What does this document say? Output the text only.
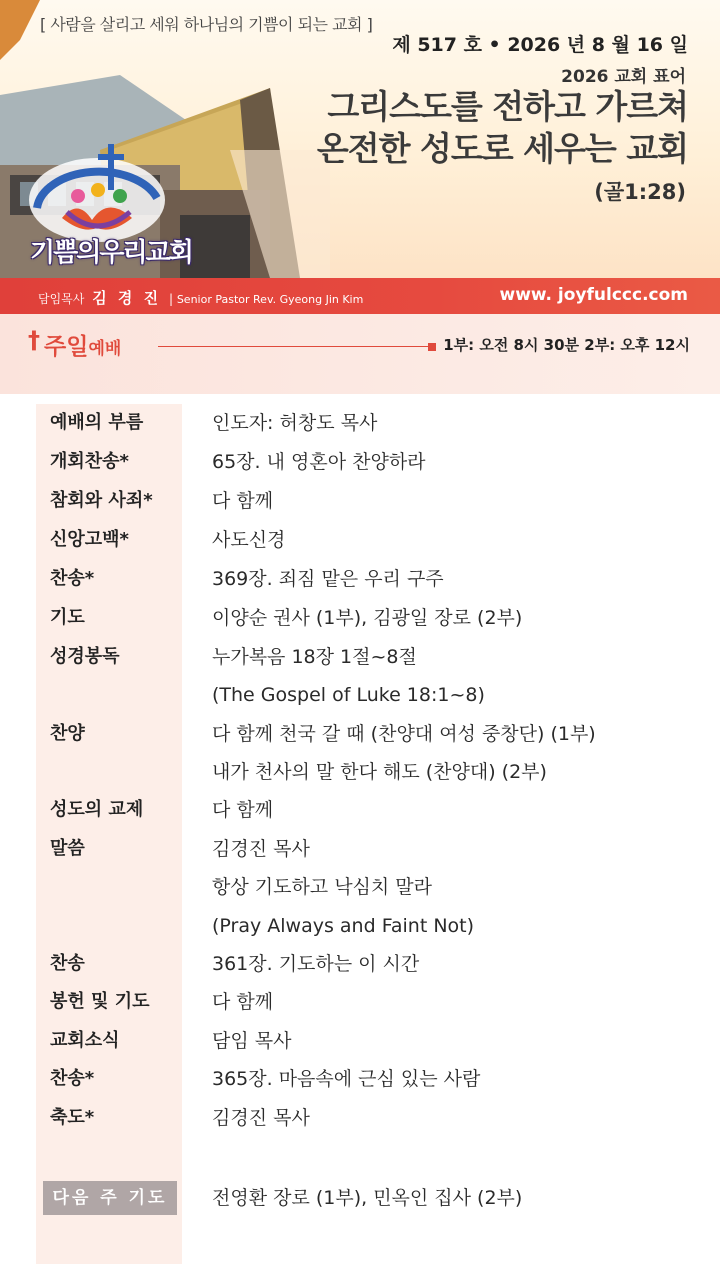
기쁨의우리교회
[ 사람을 살리고 세워 하나님의 기쁨이 되는 교회 ]
제 517 호 • 2026 년 8 월 16 일
2026 교회 표어
그리스도를 전하고 가르쳐
온전한 성도로 세우는 교회
(골1:28)
담임목사 김 경 진 | Senior Pastor Rev. Gyeong Jin Kim	www. joyfulccc.com
† 주일예배	1부: 오전 8시 30분 2부: 오후 12시
예배의 부름	인도자: 허창도 목사
개회찬송*	65장. 내 영혼아 찬양하라
참회와 사죄*	다 함께
신앙고백*	사도신경
찬송*	369장. 죄짐 맡은 우리 구주
기도	이양순 권사 (1부), 김광일 장로 (2부)
성경봉독	누가복음 18장 1절~8절
(The Gospel of Luke 18:1~8)
찬양	다 함께 천국 갈 때 (찬양대 여성 중창단) (1부)
내가 천사의 말 한다 해도 (찬양대) (2부)
성도의 교제	다 함께
말씀	김경진 목사
항상 기도하고 낙심치 말라
(Pray Always and Faint Not)
찬송	361장. 기도하는 이 시간
봉헌 및 기도	다 함께
교회소식	담임 목사
찬송*	365장. 마음속에 근심 있는 사람
축도*	김경진 목사
다음 주 기도	전영환 장로 (1부), 민옥인 집사 (2부)
